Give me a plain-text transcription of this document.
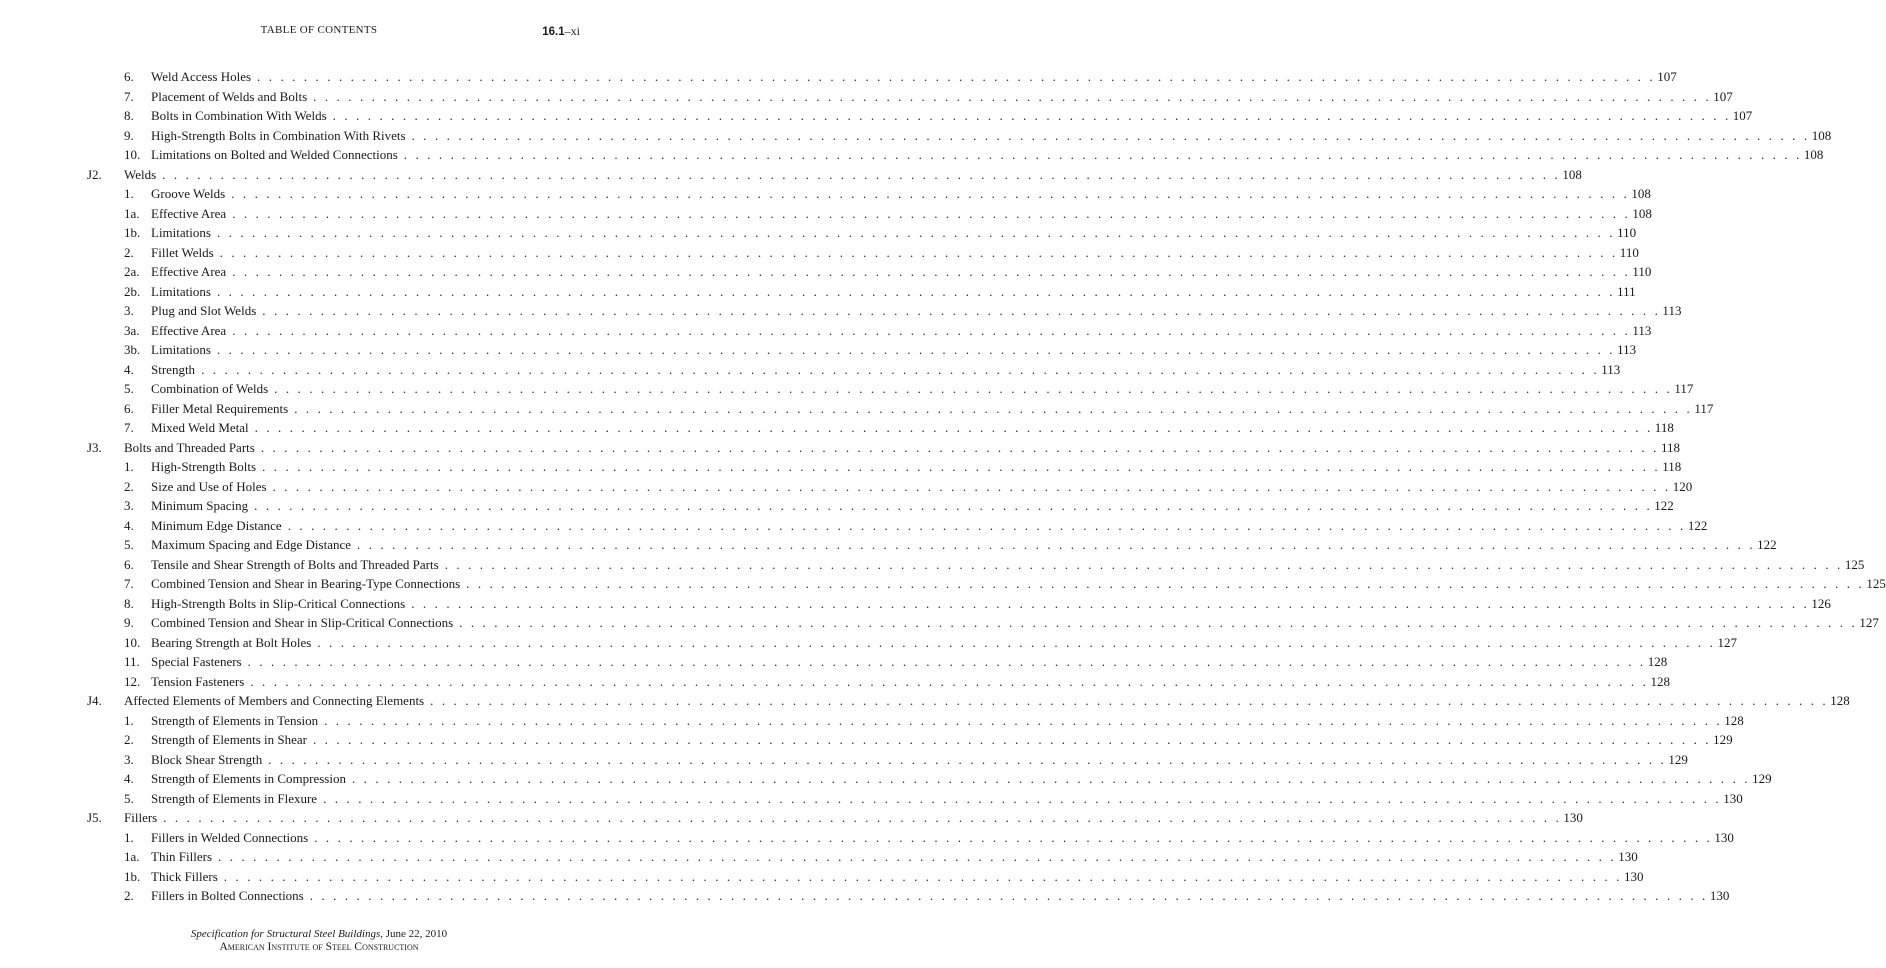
TABLE OF CONTENTS	16.1–xi
6. Weld Access Holes . . . . . . . . . . . . . . . . . . . . . . . . . . . . . . . . . . . . . . . . . . . . . . . . . . . . . . . . . . . . . . . . . . . . . . . . . . . . . . . . . . . . . . . . . . . . . . . . . . . . . . . . . . . . . . . . . . . . . . . . 107
7. Placement of Welds and Bolts . . . . . . . . . . . . . . . . . . . . . . . . . . . . . . . . . . . . . . . . . . . . . . . . . . . . . . . . . . . . . . . . . . . . . . . . . . . . . . . . . . . . . . . . . . . . . . . . . . . . . . . . . . . . . . . . . . . . . . . . 107
8. Bolts in Combination With Welds . . . . . . . . . . . . . . . . . . . . . . . . . . . . . . . . . . . . . . . . . . . . . . . . . . . . . . . . . . . . . . . . . . . . . . . . . . . . . . . . . . . . . . . . . . . . . . . . . . . . . . . . . . . . . . . . . . . . . . . . 107
9. High-Strength Bolts in Combination With Rivets . . . . . . . . . . . . . . . . . . . . . . . . . . . . . . . . . . . . . . . . . . . . . . . . . . . . . . . . . . . . . . . . . . . . . . . . . . . . . . . . . . . . . . . . . . . . . . . . . . . . . . . . . . . . . . . . . . . . . . . . 108
10. Limitations on Bolted and Welded Connections . . . . . . . . . . . . . . . . . . . . . . . . . . . . . . . . . . . . . . . . . . . . . . . . . . . . . . . . . . . . . . . . . . . . . . . . . . . . . . . . . . . . . . . . . . . . . . . . . . . . . . . . . . . . . . . . . . . . . . . . 108
J2. Welds . . . . . . . . . . . . . . . . . . . . . . . . . . . . . . . . . . . . . . . . . . . . . . . . . . . . . . . . . . . . . . . . . . . . . . . . . . . . . . . . . . . . . . . . . . . . . . . . . . . . . . . . . . . . . . . . . . . . . . . . 108
1. Groove Welds . . . . . . . . . . . . . . . . . . . . . . . . . . . . . . . . . . . . . . . . . . . . . . . . . . . . . . . . . . . . . . . . . . . . . . . . . . . . . . . . . . . . . . . . . . . . . . . . . . . . . . . . . . . . . . . . . . . . . . . . 108
1a. Effective Area . . . . . . . . . . . . . . . . . . . . . . . . . . . . . . . . . . . . . . . . . . . . . . . . . . . . . . . . . . . . . . . . . . . . . . . . . . . . . . . . . . . . . . . . . . . . . . . . . . . . . . . . . . . . . . . . . . . . . . . . 108
1b. Limitations . . . . . . . . . . . . . . . . . . . . . . . . . . . . . . . . . . . . . . . . . . . . . . . . . . . . . . . . . . . . . . . . . . . . . . . . . . . . . . . . . . . . . . . . . . . . . . . . . . . . . . . . . . . . . . . . . . . . . . . . 110
2. Fillet Welds . . . . . . . . . . . . . . . . . . . . . . . . . . . . . . . . . . . . . . . . . . . . . . . . . . . . . . . . . . . . . . . . . . . . . . . . . . . . . . . . . . . . . . . . . . . . . . . . . . . . . . . . . . . . . . . . . . . . . . . . 110
2a. Effective Area . . . . . . . . . . . . . . . . . . . . . . . . . . . . . . . . . . . . . . . . . . . . . . . . . . . . . . . . . . . . . . . . . . . . . . . . . . . . . . . . . . . . . . . . . . . . . . . . . . . . . . . . . . . . . . . . . . . . . . . . 110
2b. Limitations . . . . . . . . . . . . . . . . . . . . . . . . . . . . . . . . . . . . . . . . . . . . . . . . . . . . . . . . . . . . . . . . . . . . . . . . . . . . . . . . . . . . . . . . . . . . . . . . . . . . . . . . . . . . . . . . . . . . . . . . 111
3. Plug and Slot Welds . . . . . . . . . . . . . . . . . . . . . . . . . . . . . . . . . . . . . . . . . . . . . . . . . . . . . . . . . . . . . . . . . . . . . . . . . . . . . . . . . . . . . . . . . . . . . . . . . . . . . . . . . . . . . . . . . . . . . . . . 113
3a. Effective Area . . . . . . . . . . . . . . . . . . . . . . . . . . . . . . . . . . . . . . . . . . . . . . . . . . . . . . . . . . . . . . . . . . . . . . . . . . . . . . . . . . . . . . . . . . . . . . . . . . . . . . . . . . . . . . . . . . . . . . . . 113
3b. Limitations . . . . . . . . . . . . . . . . . . . . . . . . . . . . . . . . . . . . . . . . . . . . . . . . . . . . . . . . . . . . . . . . . . . . . . . . . . . . . . . . . . . . . . . . . . . . . . . . . . . . . . . . . . . . . . . . . . . . . . . . 113
4. Strength . . . . . . . . . . . . . . . . . . . . . . . . . . . . . . . . . . . . . . . . . . . . . . . . . . . . . . . . . . . . . . . . . . . . . . . . . . . . . . . . . . . . . . . . . . . . . . . . . . . . . . . . . . . . . . . . . . . . . . . . 113
5. Combination of Welds . . . . . . . . . . . . . . . . . . . . . . . . . . . . . . . . . . . . . . . . . . . . . . . . . . . . . . . . . . . . . . . . . . . . . . . . . . . . . . . . . . . . . . . . . . . . . . . . . . . . . . . . . . . . . . . . . . . . . . . . 117
6. Filler Metal Requirements . . . . . . . . . . . . . . . . . . . . . . . . . . . . . . . . . . . . . . . . . . . . . . . . . . . . . . . . . . . . . . . . . . . . . . . . . . . . . . . . . . . . . . . . . . . . . . . . . . . . . . . . . . . . . . . . . . . . . . . . 117
7. Mixed Weld Metal . . . . . . . . . . . . . . . . . . . . . . . . . . . . . . . . . . . . . . . . . . . . . . . . . . . . . . . . . . . . . . . . . . . . . . . . . . . . . . . . . . . . . . . . . . . . . . . . . . . . . . . . . . . . . . . . . . . . . . . . 118
J3. Bolts and Threaded Parts . . . . . . . . . . . . . . . . . . . . . . . . . . . . . . . . . . . . . . . . . . . . . . . . . . . . . . . . . . . . . . . . . . . . . . . . . . . . . . . . . . . . . . . . . . . . . . . . . . . . . . . . . . . . . . . . . . . . . . . . 118
1. High-Strength Bolts . . . . . . . . . . . . . . . . . . . . . . . . . . . . . . . . . . . . . . . . . . . . . . . . . . . . . . . . . . . . . . . . . . . . . . . . . . . . . . . . . . . . . . . . . . . . . . . . . . . . . . . . . . . . . . . . . . . . . . . . 118
2. Size and Use of Holes . . . . . . . . . . . . . . . . . . . . . . . . . . . . . . . . . . . . . . . . . . . . . . . . . . . . . . . . . . . . . . . . . . . . . . . . . . . . . . . . . . . . . . . . . . . . . . . . . . . . . . . . . . . . . . . . . . . . . . . . 120
3. Minimum Spacing . . . . . . . . . . . . . . . . . . . . . . . . . . . . . . . . . . . . . . . . . . . . . . . . . . . . . . . . . . . . . . . . . . . . . . . . . . . . . . . . . . . . . . . . . . . . . . . . . . . . . . . . . . . . . . . . . . . . . . . . 122
4. Minimum Edge Distance . . . . . . . . . . . . . . . . . . . . . . . . . . . . . . . . . . . . . . . . . . . . . . . . . . . . . . . . . . . . . . . . . . . . . . . . . . . . . . . . . . . . . . . . . . . . . . . . . . . . . . . . . . . . . . . . . . . . . . . . 122
5. Maximum Spacing and Edge Distance . . . . . . . . . . . . . . . . . . . . . . . . . . . . . . . . . . . . . . . . . . . . . . . . . . . . . . . . . . . . . . . . . . . . . . . . . . . . . . . . . . . . . . . . . . . . . . . . . . . . . . . . . . . . . . . . . . . . . . . . 122
6. Tensile and Shear Strength of Bolts and Threaded Parts . . . . . . . . . . . . . . . . . . . . . . . . . . . . . . . . . . . . . . . . . . . . . . . . . . . . . . . . . . . . . . . . . . . . . . . . . . . . . . . . . . . . . . . . . . . . . . . . . . . . . . . . . . . . . . . . . . . . . . . . 125
7. Combined Tension and Shear in Bearing-Type Connections . . . . . . . . . . . . . . . . . . . . . . . . . . . . . . . . . . . . . . . . . . . . . . . . . . . . . . . . . . . . . . . . . . . . . . . . . . . . . . . . . . . . . . . . . . . . . . . . . . . . . . . . . . . . . . . . . . . . . . . . 125
8. High-Strength Bolts in Slip-Critical Connections . . . . . . . . . . . . . . . . . . . . . . . . . . . . . . . . . . . . . . . . . . . . . . . . . . . . . . . . . . . . . . . . . . . . . . . . . . . . . . . . . . . . . . . . . . . . . . . . . . . . . . . . . . . . . . . . . . . . . . . . 126
9. Combined Tension and Shear in Slip-Critical Connections . . . . . . . . . . . . . . . . . . . . . . . . . . . . . . . . . . . . . . . . . . . . . . . . . . . . . . . . . . . . . . . . . . . . . . . . . . . . . . . . . . . . . . . . . . . . . . . . . . . . . . . . . . . . . . . . . . . . . . . . 127
10. Bearing Strength at Bolt Holes . . . . . . . . . . . . . . . . . . . . . . . . . . . . . . . . . . . . . . . . . . . . . . . . . . . . . . . . . . . . . . . . . . . . . . . . . . . . . . . . . . . . . . . . . . . . . . . . . . . . . . . . . . . . . . . . . . . . . . . . 127
11. Special Fasteners . . . . . . . . . . . . . . . . . . . . . . . . . . . . . . . . . . . . . . . . . . . . . . . . . . . . . . . . . . . . . . . . . . . . . . . . . . . . . . . . . . . . . . . . . . . . . . . . . . . . . . . . . . . . . . . . . . . . . . . . 128
12. Tension Fasteners . . . . . . . . . . . . . . . . . . . . . . . . . . . . . . . . . . . . . . . . . . . . . . . . . . . . . . . . . . . . . . . . . . . . . . . . . . . . . . . . . . . . . . . . . . . . . . . . . . . . . . . . . . . . . . . . . . . . . . . . 128
J4. Affected Elements of Members and Connecting Elements . . . . . . . . . . . . . . . . . . . . . . . . . . . . . . . . . . . . . . . . . . . . . . . . . . . . . . . . . . . . . . . . . . . . . . . . . . . . . . . . . . . . . . . . . . . . . . . . . . . . . . . . . . . . . . . . . . . . . . . . 128
1. Strength of Elements in Tension . . . . . . . . . . . . . . . . . . . . . . . . . . . . . . . . . . . . . . . . . . . . . . . . . . . . . . . . . . . . . . . . . . . . . . . . . . . . . . . . . . . . . . . . . . . . . . . . . . . . . . . . . . . . . . . . . . . . . . . . 128
2. Strength of Elements in Shear . . . . . . . . . . . . . . . . . . . . . . . . . . . . . . . . . . . . . . . . . . . . . . . . . . . . . . . . . . . . . . . . . . . . . . . . . . . . . . . . . . . . . . . . . . . . . . . . . . . . . . . . . . . . . . . . . . . . . . . . 129
3. Block Shear Strength . . . . . . . . . . . . . . . . . . . . . . . . . . . . . . . . . . . . . . . . . . . . . . . . . . . . . . . . . . . . . . . . . . . . . . . . . . . . . . . . . . . . . . . . . . . . . . . . . . . . . . . . . . . . . . . . . . . . . . . . 129
4. Strength of Elements in Compression . . . . . . . . . . . . . . . . . . . . . . . . . . . . . . . . . . . . . . . . . . . . . . . . . . . . . . . . . . . . . . . . . . . . . . . . . . . . . . . . . . . . . . . . . . . . . . . . . . . . . . . . . . . . . . . . . . . . . . . . 129
5. Strength of Elements in Flexure . . . . . . . . . . . . . . . . . . . . . . . . . . . . . . . . . . . . . . . . . . . . . . . . . . . . . . . . . . . . . . . . . . . . . . . . . . . . . . . . . . . . . . . . . . . . . . . . . . . . . . . . . . . . . . . . . . . . . . . . 130
J5. Fillers . . . . . . . . . . . . . . . . . . . . . . . . . . . . . . . . . . . . . . . . . . . . . . . . . . . . . . . . . . . . . . . . . . . . . . . . . . . . . . . . . . . . . . . . . . . . . . . . . . . . . . . . . . . . . . . . . . . . . . . . 130
1. Fillers in Welded Connections . . . . . . . . . . . . . . . . . . . . . . . . . . . . . . . . . . . . . . . . . . . . . . . . . . . . . . . . . . . . . . . . . . . . . . . . . . . . . . . . . . . . . . . . . . . . . . . . . . . . . . . . . . . . . . . . . . . . . . . . 130
1a. Thin Fillers . . . . . . . . . . . . . . . . . . . . . . . . . . . . . . . . . . . . . . . . . . . . . . . . . . . . . . . . . . . . . . . . . . . . . . . . . . . . . . . . . . . . . . . . . . . . . . . . . . . . . . . . . . . . . . . . . . . . . . . . 130
1b. Thick Fillers . . . . . . . . . . . . . . . . . . . . . . . . . . . . . . . . . . . . . . . . . . . . . . . . . . . . . . . . . . . . . . . . . . . . . . . . . . . . . . . . . . . . . . . . . . . . . . . . . . . . . . . . . . . . . . . . . . . . . . . . 130
2. Fillers in Bolted Connections . . . . . . . . . . . . . . . . . . . . . . . . . . . . . . . . . . . . . . . . . . . . . . . . . . . . . . . . . . . . . . . . . . . . . . . . . . . . . . . . . . . . . . . . . . . . . . . . . . . . . . . . . . . . . . . . . . . . . . . . 130
Specification for Structural Steel Buildings, June 22, 2010
American Institute of Steel Construction
